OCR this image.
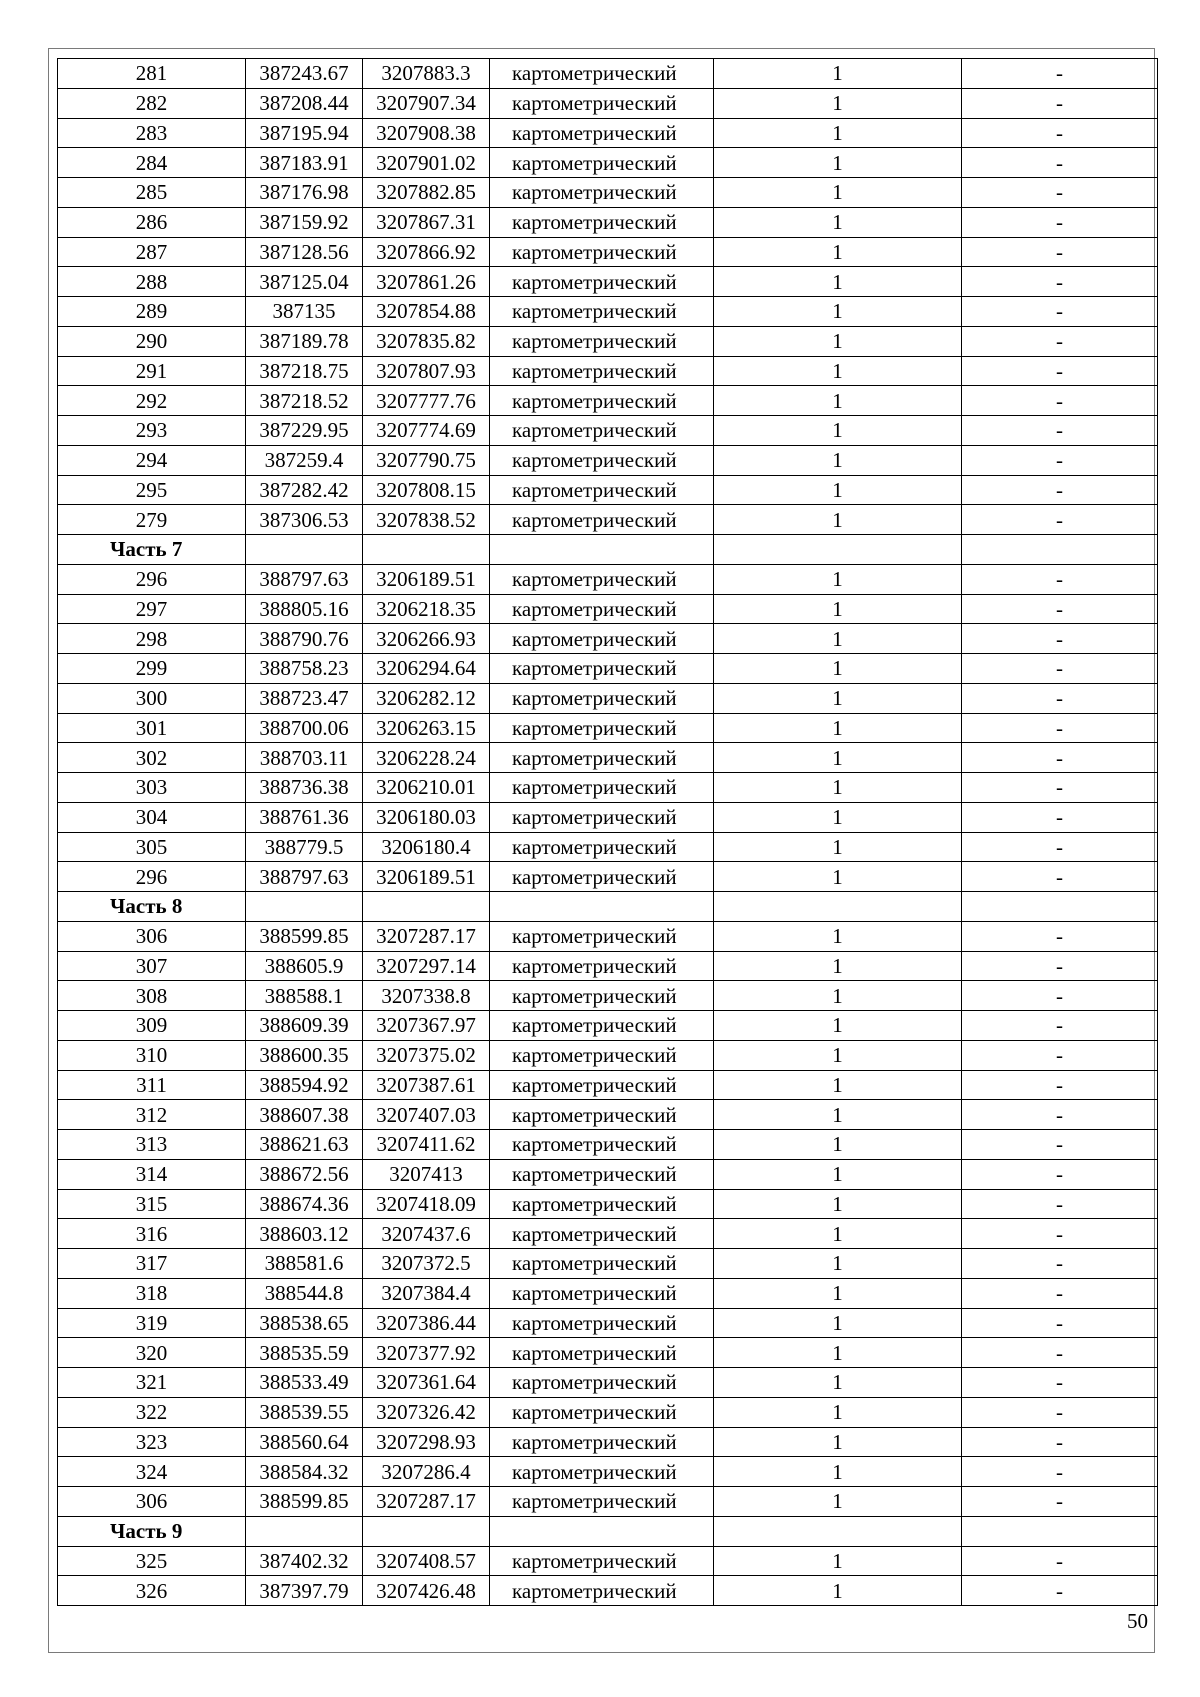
281	387243.67	3207883.3	картометрический	1	-
282	387208.44	3207907.34	картометрический	1	-
283	387195.94	3207908.38	картометрический	1	-
284	387183.91	3207901.02	картометрический	1	-
285	387176.98	3207882.85	картометрический	1	-
286	387159.92	3207867.31	картометрический	1	-
287	387128.56	3207866.92	картометрический	1	-
288	387125.04	3207861.26	картометрический	1	-
289	387135	3207854.88	картометрический	1	-
290	387189.78	3207835.82	картометрический	1	-
291	387218.75	3207807.93	картометрический	1	-
292	387218.52	3207777.76	картометрический	1	-
293	387229.95	3207774.69	картометрический	1	-
294	387259.4	3207790.75	картометрический	1	-
295	387282.42	3207808.15	картометрический	1	-
279	387306.53	3207838.52	картометрический	1	-
Часть 7					
296	388797.63	3206189.51	картометрический	1	-
297	388805.16	3206218.35	картометрический	1	-
298	388790.76	3206266.93	картометрический	1	-
299	388758.23	3206294.64	картометрический	1	-
300	388723.47	3206282.12	картометрический	1	-
301	388700.06	3206263.15	картометрический	1	-
302	388703.11	3206228.24	картометрический	1	-
303	388736.38	3206210.01	картометрический	1	-
304	388761.36	3206180.03	картометрический	1	-
305	388779.5	3206180.4	картометрический	1	-
296	388797.63	3206189.51	картометрический	1	-
Часть 8					
306	388599.85	3207287.17	картометрический	1	-
307	388605.9	3207297.14	картометрический	1	-
308	388588.1	3207338.8	картометрический	1	-
309	388609.39	3207367.97	картометрический	1	-
310	388600.35	3207375.02	картометрический	1	-
311	388594.92	3207387.61	картометрический	1	-
312	388607.38	3207407.03	картометрический	1	-
313	388621.63	3207411.62	картометрический	1	-
314	388672.56	3207413	картометрический	1	-
315	388674.36	3207418.09	картометрический	1	-
316	388603.12	3207437.6	картометрический	1	-
317	388581.6	3207372.5	картометрический	1	-
318	388544.8	3207384.4	картометрический	1	-
319	388538.65	3207386.44	картометрический	1	-
320	388535.59	3207377.92	картометрический	1	-
321	388533.49	3207361.64	картометрический	1	-
322	388539.55	3207326.42	картометрический	1	-
323	388560.64	3207298.93	картометрический	1	-
324	388584.32	3207286.4	картометрический	1	-
306	388599.85	3207287.17	картометрический	1	-
Часть 9					
325	387402.32	3207408.57	картометрический	1	-
326	387397.79	3207426.48	картометрический	1	-
50
